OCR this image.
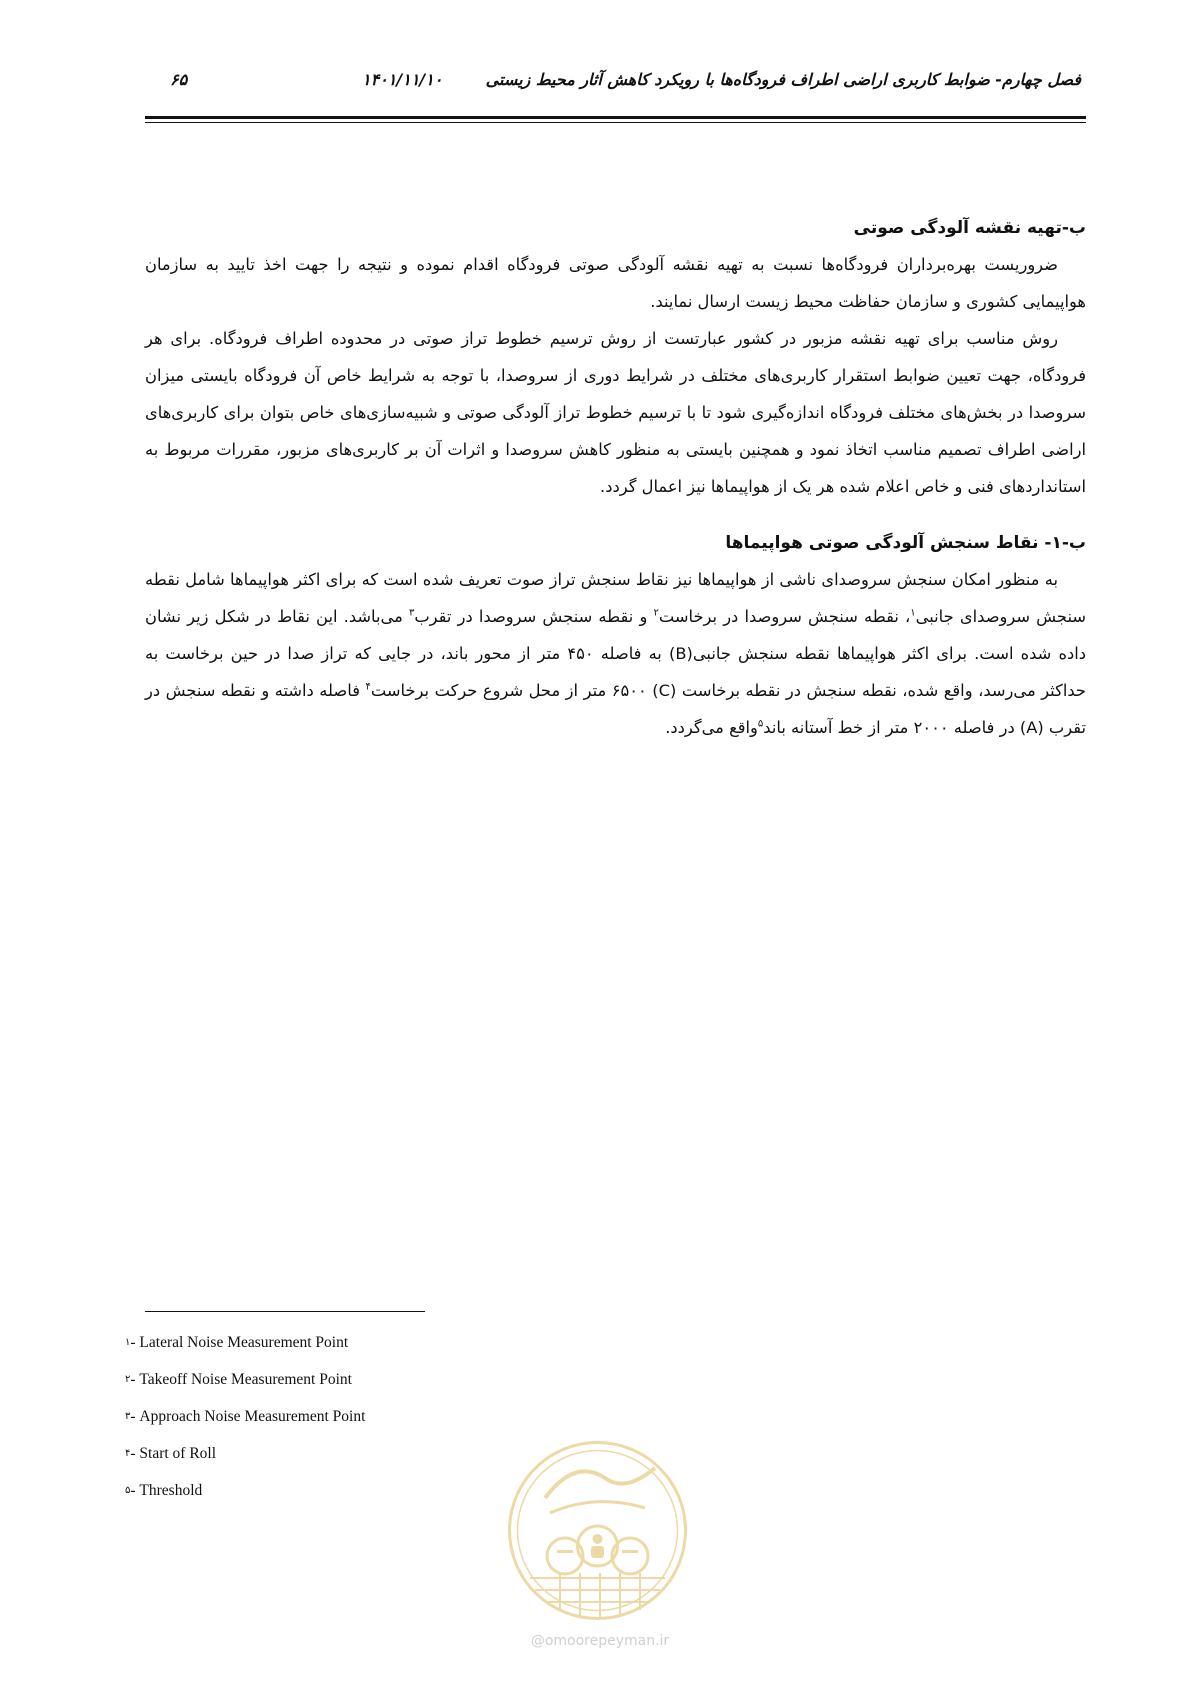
فصل چهارم- ضوابط کاربری اراضی اطراف فرودگاه‌ها با رویکرد کاهش آثار محیط زیستی
۱۴۰۱/۱۱/۱۰
۶۵

ب-تهیه نقشه آلودگی صوتی

ضروریست بهره‌برداران فرودگاه‌ها نسبت به تهیه نقشه آلودگی صوتی فرودگاه اقدام نموده و نتیجه را جهت اخذ تایید به سازمان هواپیمایی کشوری و سازمان حفاظت محیط زیست ارسال نمایند.

روش مناسب برای تهیه نقشه مزبور در کشور عبارتست از روش ترسیم خطوط تراز صوتی در محدوده اطراف فرودگاه. برای هر فرودگاه، جهت تعیین ضوابط استقرار کاربری‌های مختلف در شرایط دوری از سروصدا، با توجه به شرایط خاص آن فرودگاه بایستی میزان سروصدا در بخش‌های مختلف فرودگاه اندازه‌گیری شود تا با ترسیم خطوط تراز آلودگی صوتی و شبیه‌سازی‌های خاص بتوان برای کاربری‌های اراضی اطراف تصمیم مناسب اتخاذ نمود و همچنین بایستی به منظور کاهش سروصدا و اثرات آن بر کاربری‌های مزبور، مقررات مربوط به استانداردهای فنی و خاص اعلام شده هر یک از هواپیماها نیز اعمال گردد.

ب-۱- نقاط سنجش آلودگی صوتی هواپیماها

به منظور امکان سنجش سروصدای ناشی از هواپیماها نیز نقاط سنجش تراز صوت تعریف شده است که برای اکثر هواپیماها شامل نقطه سنجش سروصدای جانبی$^۱$، نقطه سنجش سروصدا در برخاست$^۲$ و نقطه سنجش سروصدا در تقرب$^۳$ می‌باشد. این نقاط در شکل زیر نشان داده شده است. برای اکثر هواپیماها نقطه سنجش جانبی(B) به فاصله ۴۵۰ متر از محور باند، در جایی که تراز صدا در حین برخاست به حداکثر می‌رسد، واقع شده، نقطه سنجش در نقطه برخاست (C) ۶۵۰۰ متر از محل شروع حرکت برخاست$^۴$ فاصله داشته و نقطه سنجش در تقرب (A) در فاصله ۲۰۰۰ متر از خط آستانه باند$^۵$واقع می‌گردد.

$^۱$- Lateral Noise Measurement Point
$^۲$- Takeoff Noise Measurement Point
$^۳$- Approach Noise Measurement Point
$^۴$- Start of Roll
$^۵$- Threshold
@omoorepeyman.ir
